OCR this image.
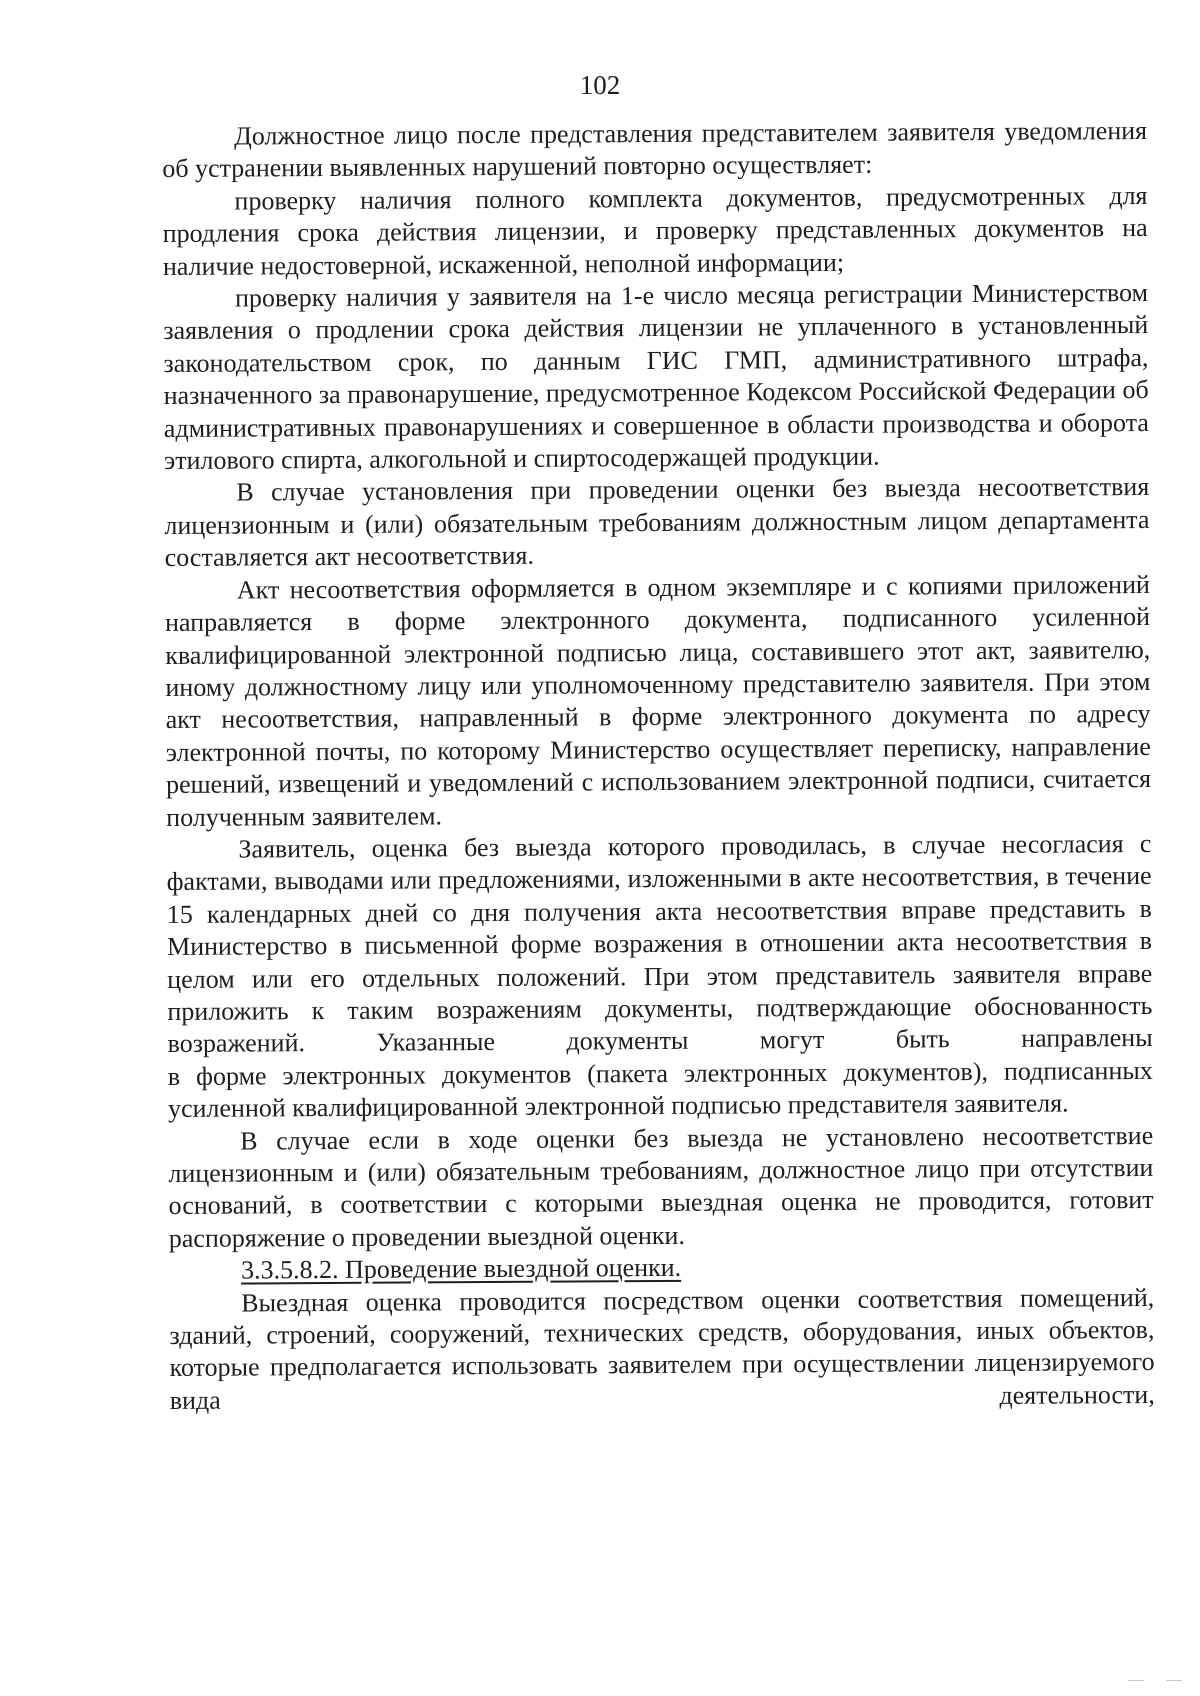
102

Должностное лицо после представления представителем заявителя уведомления об устранении выявленных нарушений повторно осуществляет:

проверку наличия полного комплекта документов, предусмотренных для продления срока действия лицензии, и проверку представленных документов на наличие недостоверной, искаженной, неполной информации;

проверку наличия у заявителя на 1-е число месяца регистрации Министерством заявления о продлении срока действия лицензии не уплаченного в установленный законодательством срок, по данным ГИС ГМП, административного штрафа, назначенного за правонарушение, предусмотренное Кодексом Российской Федерации об административных правонарушениях и совершенное в области производства и оборота этилового спирта, алкогольной и спиртосодержащей продукции.

В случае установления при проведении оценки без выезда несоответствия лицензионным и (или) обязательным требованиям должностным лицом департамента составляется акт несоответствия.

Акт несоответствия оформляется в одном экземпляре и с копиями приложений направляется в форме электронного документа, подписанного усиленной квалифицированной электронной подписью лица, составившего этот акт, заявителю, иному должностному лицу или уполномоченному представителю заявителя. При этом акт несоответствия, направленный в форме электронного документа по адресу электронной почты, по которому Министерство осуществляет переписку, направление решений, извещений и уведомлений с использованием электронной подписи, считается полученным заявителем.

Заявитель, оценка без выезда которого проводилась, в случае несогласия с фактами, выводами или предложениями, изложенными в акте несоответствия, в течение 15 календарных дней со дня получения акта несоответствия вправе представить в Министерство в письменной форме возражения в отношении акта несоответствия в целом или его отдельных положений. При этом представитель заявителя вправе приложить к таким возражениям документы, подтверждающие обоснованность возражений. Указанные документы могут быть направлены

в форме электронных документов (пакета электронных документов), подписанных усиленной квалифицированной электронной подписью представителя заявителя.

В случае если в ходе оценки без выезда не установлено несоответствие лицензионным и (или) обязательным требованиям, должностное лицо при отсутствии оснований, в соответствии с которыми выездная оценка не проводится, готовит распоряжение о проведении выездной оценки.

3.3.5.8.2. Проведение выездной оценки.

Выездная оценка проводится посредством оценки соответствия помещений, зданий, строений, сооружений, технических средств, оборудования, иных объектов, которые предполагается использовать заявителем при осуществлении лицензируемого вида деятельности,
